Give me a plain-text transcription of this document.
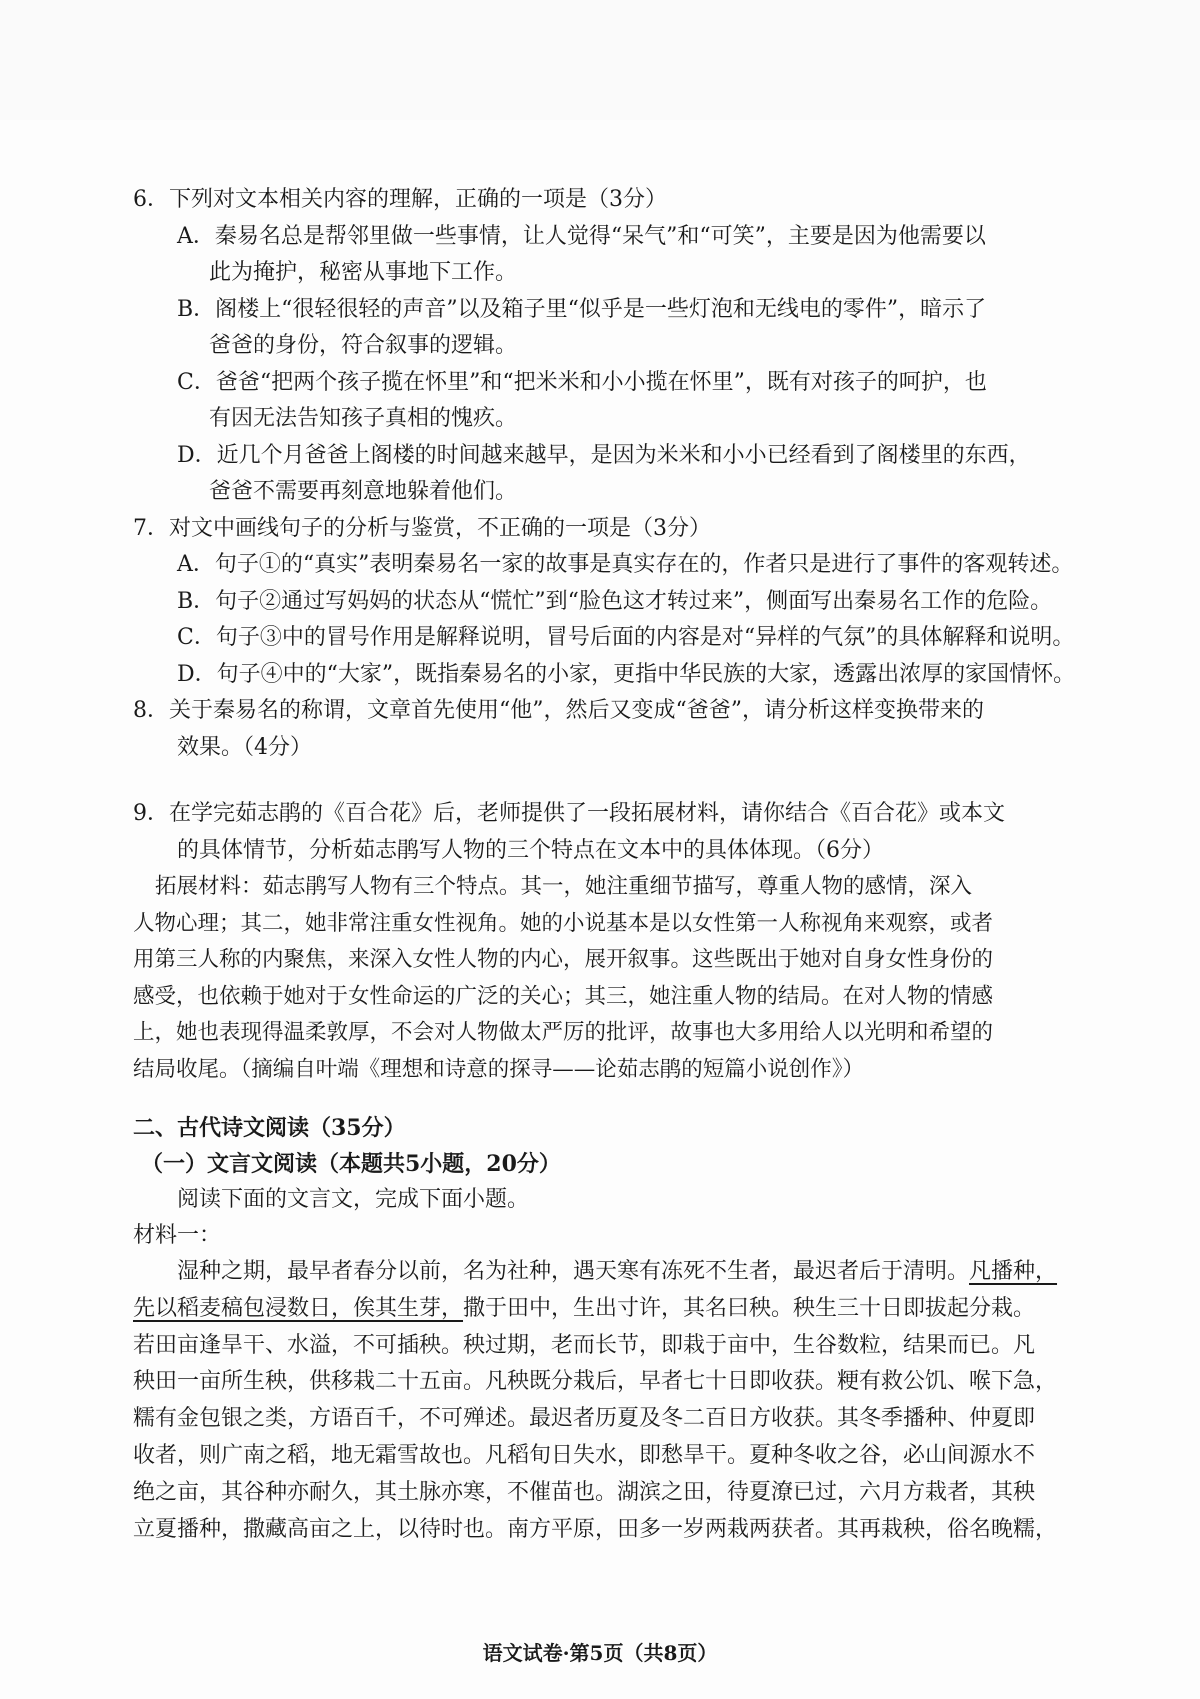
6．下列对文本相关内容的理解，正确的一项是（3分）
A．秦易名总是帮邻里做一些事情，让人觉得“呆气”和“可笑”，主要是因为他需要以
此为掩护，秘密从事地下工作。
B．阁楼上“很轻很轻的声音”以及箱子里“似乎是一些灯泡和无线电的零件”，暗示了
爸爸的身份，符合叙事的逻辑。
C．爸爸“把两个孩子揽在怀里”和“把米米和小小揽在怀里”，既有对孩子的呵护，也
有因无法告知孩子真相的愧疚。
D．近几个月爸爸上阁楼的时间越来越早，是因为米米和小小已经看到了阁楼里的东西，
爸爸不需要再刻意地躲着他们。
7．对文中画线句子的分析与鉴赏，不正确的一项是（3分）
A．句子①的“真实”表明秦易名一家的故事是真实存在的，作者只是进行了事件的客观转述。
B．句子②通过写妈妈的状态从“慌忙”到“脸色这才转过来”，侧面写出秦易名工作的危险。
C．句子③中的冒号作用是解释说明，冒号后面的内容是对“异样的气氛”的具体解释和说明。
D．句子④中的“大家”，既指秦易名的小家，更指中华民族的大家，透露出浓厚的家国情怀。
8．关于秦易名的称谓，文章首先使用“他”，然后又变成“爸爸”，请分析这样变换带来的
效果。（4分）
9．在学完茹志鹃的《百合花》后，老师提供了一段拓展材料，请你结合《百合花》或本文
的具体情节，分析茹志鹃写人物的三个特点在文本中的具体体现。（6分）
拓展材料：茹志鹃写人物有三个特点。其一，她注重细节描写，尊重人物的感情，深入
人物心理；其二，她非常注重女性视角。她的小说基本是以女性第一人称视角来观察，或者
用第三人称的内聚焦，来深入女性人物的内心，展开叙事。这些既出于她对自身女性身份的
感受，也依赖于她对于女性命运的广泛的关心；其三，她注重人物的结局。在对人物的情感
上，她也表现得温柔敦厚，不会对人物做太严厉的批评，故事也大多用给人以光明和希望的
结局收尾。（摘编自叶端《理想和诗意的探寻——论茹志鹃的短篇小说创作》）
二、古代诗文阅读（35分）
（一）文言文阅读（本题共5小题，20分）
阅读下面的文言文，完成下面小题。
材料一：
湿种之期，最早者春分以前，名为社种，遇天寒有冻死不生者，最迟者后于清明。凡播种，
先以稻麦稿包浸数日，俟其生芽，撒于田中，生出寸许，其名曰秧。秧生三十日即拔起分栽。
若田亩逢旱干、水溢，不可插秧。秧过期，老而长节，即栽于亩中，生谷数粒，结果而已。凡
秧田一亩所生秧，供移栽二十五亩。凡秧既分栽后，早者七十日即收获。粳有救公饥、喉下急，
糯有金包银之类，方语百千，不可殚述。最迟者历夏及冬二百日方收获。其冬季播种、仲夏即
收者，则广南之稻，地无霜雪故也。凡稻旬日失水，即愁旱干。夏种冬收之谷，必山间源水不
绝之亩，其谷种亦耐久，其土脉亦寒，不催苗也。湖滨之田，待夏潦已过，六月方栽者，其秧
立夏播种，撒藏高亩之上，以待时也。南方平原，田多一岁两栽两获者。其再栽秧，俗名晚糯，
语文试卷·第5页（共8页）
